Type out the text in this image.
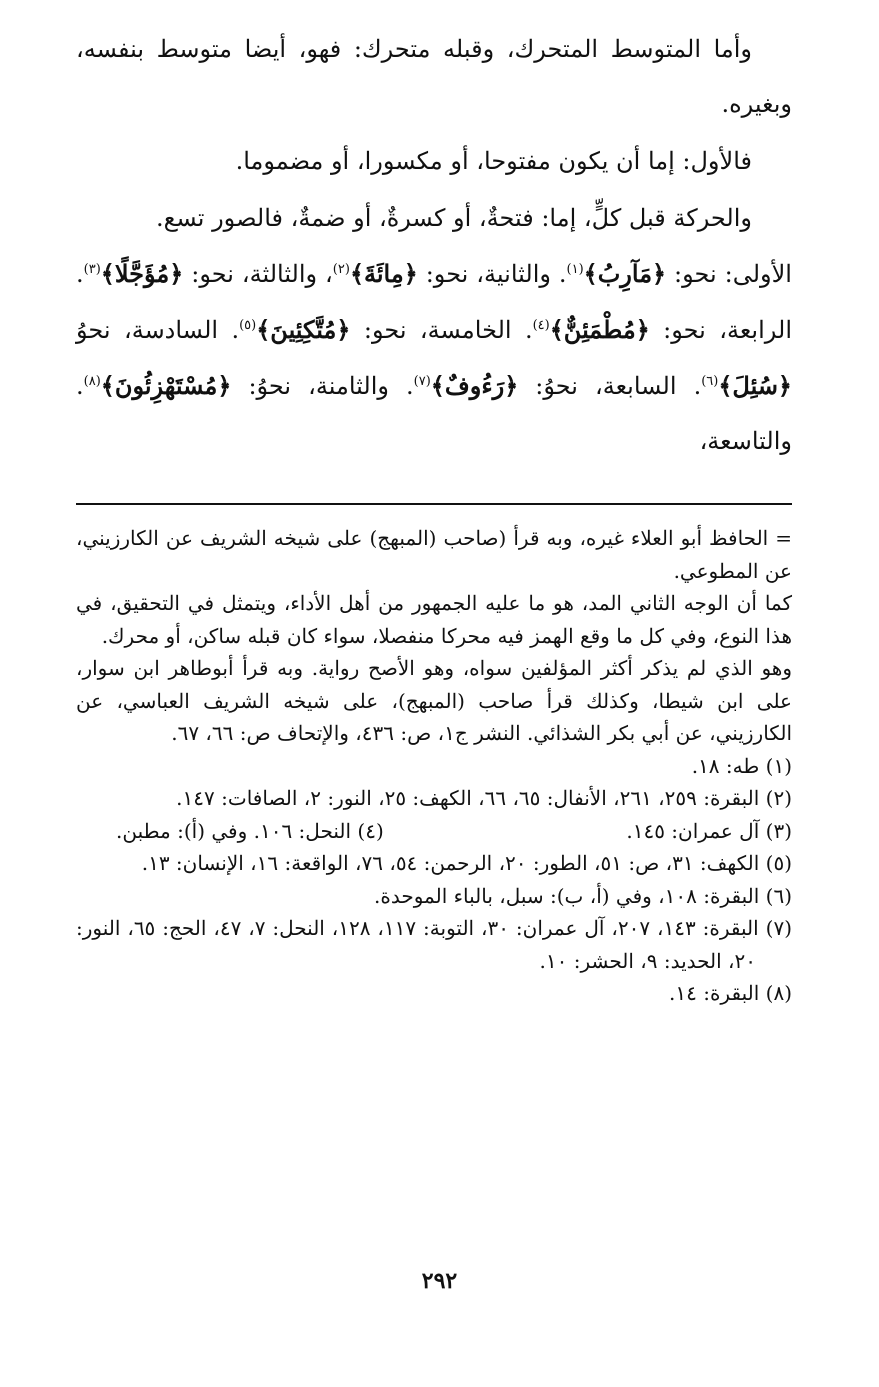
وأما المتوسط المتحرك، وقبله متحرك: فهو، أيضا متوسط بنفسه، وبغيره.

فالأول: إما أن يكون مفتوحا، أو مكسورا، أو مضموما.

والحركة قبل كلٍّ، إما: فتحةٌ، أو كسرةٌ، أو ضمةٌ، فالصور تسع.

الأولى: نحو: ﴿مَآرِبُ﴾$^{(١)}$. والثانية، نحو: ﴿مِائَةَ﴾$^{(٢)}$، والثالثة، نحو: ﴿مُؤَجَّلًا﴾$^{(٣)}$. الرابعة، نحو: ﴿مُطْمَئِنٌّ﴾$^{(٤)}$. الخامسة، نحو: ﴿مُتَّكِئِينَ﴾$^{(٥)}$. السادسة، نحوُ ﴿سُئِلَ﴾$^{(٦)}$. السابعة، نحوُ: ﴿رَءُوفٌ﴾$^{(٧)}$. والثامنة، نحوُ: ﴿مُسْتَهْزِئُونَ﴾$^{(٨)}$. والتاسعة،

= الحافظ أبو العلاء غيره، وبه قرأ (صاحب (المبهج) على شيخه الشريف عن الكارزيني، عن المطوعي.

كما أن الوجه الثاني المد، هو ما عليه الجمهور من أهل الأداء، ويتمثل في التحقيق، في هذا النوع، وفي كل ما وقع الهمز فيه محركا منفصلا، سواء كان قبله ساكن، أو محرك.

وهو الذي لم يذكر أكثر المؤلفين سواه، وهو الأصح رواية. وبه قرأ أبوطاهر ابن سوار، على ابن شيطا، وكذلك قرأ صاحب (المبهج)، على شيخه الشريف العباسي، عن الكارزيني، عن أبي بكر الشذائي. النشر ج١، ص: ٤٣٦، والإتحاف ص: ٦٦، ٦٧.

(١) طه: ١٨.

(٢) البقرة: ٢٥٩، ٢٦١، الأنفال: ٦٥، ٦٦، الكهف: ٢٥، النور: ٢، الصافات: ١٤٧.

(٣) آل عمران: ١٤٥.
(٤) النحل: ١٠٦. وفي (أ): مطبن.

(٥) الكهف: ٣١، ص: ٥١، الطور: ٢٠، الرحمن: ٥٤، ٧٦، الواقعة: ١٦، الإنسان: ١٣.

(٦) البقرة: ١٠٨، وفي (أ، ب): سبل، بالباء الموحدة.

(٧) البقرة: ١٤٣، ٢٠٧، آل عمران: ٣٠، التوبة: ١١٧، ١٢٨، النحل: ٧، ٤٧، الحج: ٦٥، النور: ٢٠، الحديد: ٩، الحشر: ١٠.

(٨) البقرة: ١٤.

٢٩٢
